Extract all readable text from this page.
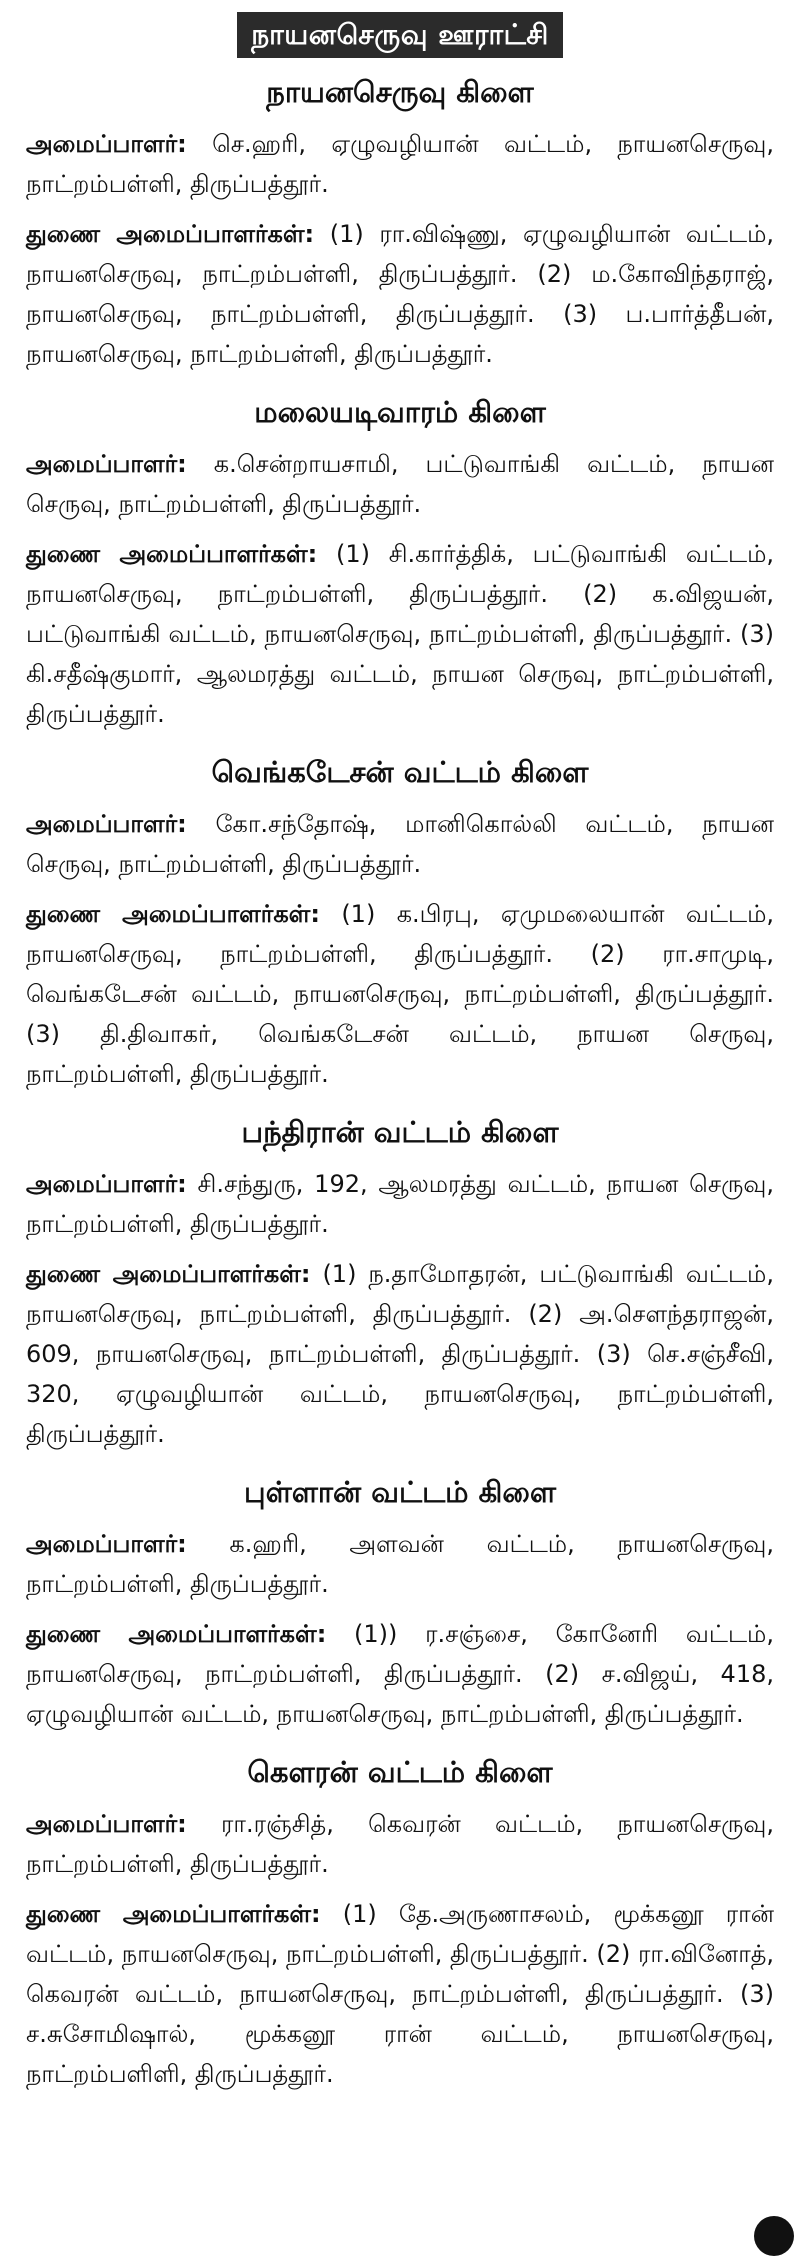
நாயனசெருவு ஊராட்சி
நாயனசெருவு கிளை

அமைப்பாளர்: செ.ஹரி, ஏழுவழியான் வட்டம், நாயனசெருவு, நாட்றம்பள்ளி, திருப்பத்தூர்.

துணை அமைப்பாளர்கள்: (1) ரா.விஷ்ணு, ஏழுவழியான் வட்டம், நாயனசெருவு, நாட்றம்பள்ளி, திருப்பத்தூர். (2) ம.கோவிந்தராஜ், நாயனசெருவு, நாட்றம்பள்ளி, திருப்பத்தூர். (3) ப.பார்த்தீபன், நாயனசெருவு, நாட்றம்பள்ளி, திருப்பத்தூர்.

மலையடிவாரம் கிளை

அமைப்பாளர்: க.சென்றாயசாமி, பட்டுவாங்கி வட்டம், நாயன செருவு, நாட்றம்பள்ளி, திருப்பத்தூர்.

துணை அமைப்பாளர்கள்: (1) சி.கார்த்திக், பட்டுவாங்கி வட்டம், நாயனசெருவு, நாட்றம்பள்ளி, திருப்பத்தூர். (2) க.விஜயன், பட்டுவாங்கி வட்டம், நாயனசெருவு, நாட்றம்பள்ளி, திருப்பத்தூர். (3) கி.சதீஷ்குமார், ஆலமரத்து வட்டம், நாயன செருவு, நாட்றம்பள்ளி, திருப்பத்தூர்.

வெங்கடேசன் வட்டம் கிளை

அமைப்பாளர்: கோ.சந்தோஷ், மானிகொல்லி வட்டம், நாயன செருவு, நாட்றம்பள்ளி, திருப்பத்தூர்.

துணை அமைப்பாளர்கள்: (1) க.பிரபு, ஏமுமலையான் வட்டம், நாயனசெருவு, நாட்றம்பள்ளி, திருப்பத்தூர். (2) ரா.சாமுடி, வெங்கடேசன் வட்டம், நாயனசெருவு, நாட்றம்பள்ளி, திருப்பத்தூர். (3) தி.திவாகர், வெங்கடேசன் வட்டம், நாயன செருவு, நாட்றம்பள்ளி, திருப்பத்தூர்.

பந்திரான் வட்டம் கிளை

அமைப்பாளர்: சி.சந்துரு, 192, ஆலமரத்து வட்டம், நாயன செருவு, நாட்றம்பள்ளி, திருப்பத்தூர்.

துணை அமைப்பாளர்கள்: (1) ந.தாமோதரன், பட்டுவாங்கி வட்டம், நாயனசெருவு, நாட்றம்பள்ளி, திருப்பத்தூர். (2) அ.சௌந்தராஜன், 609, நாயனசெருவு, நாட்றம்பள்ளி, திருப்பத்தூர். (3) செ.சஞ்சீவி, 320, ஏழுவழியான் வட்டம், நாயனசெருவு, நாட்றம்பள்ளி, திருப்பத்தூர்.

புள்ளான் வட்டம் கிளை

அமைப்பாளர்: க.ஹரி, அளவன் வட்டம், நாயனசெருவு, நாட்றம்பள்ளி, திருப்பத்தூர்.

துணை அமைப்பாளர்கள்: (1)) ர.சஞ்சை, கோனேரி வட்டம், நாயனசெருவு, நாட்றம்பள்ளி, திருப்பத்தூர். (2) ச.விஜய், 418, ஏழுவழியான் வட்டம், நாயனசெருவு, நாட்றம்பள்ளி, திருப்பத்தூர்.

கௌரன் வட்டம் கிளை

அமைப்பாளர்: ரா.ரஞ்சித், கெவரன் வட்டம், நாயனசெருவு, நாட்றம்பள்ளி, திருப்பத்தூர்.

துணை அமைப்பாளர்கள்: (1) தே.அருணாசலம், மூக்கனூ ரான் வட்டம், நாயனசெருவு, நாட்றம்பள்ளி, திருப்பத்தூர். (2) ரா.வினோத், கெவரன் வட்டம், நாயனசெருவு, நாட்றம்பள்ளி, திருப்பத்தூர். (3) ச.சுசோமிஷால், மூக்கனூ ரான் வட்டம், நாயனசெருவு, நாட்றம்பளிளி, திருப்பத்தூர்.
